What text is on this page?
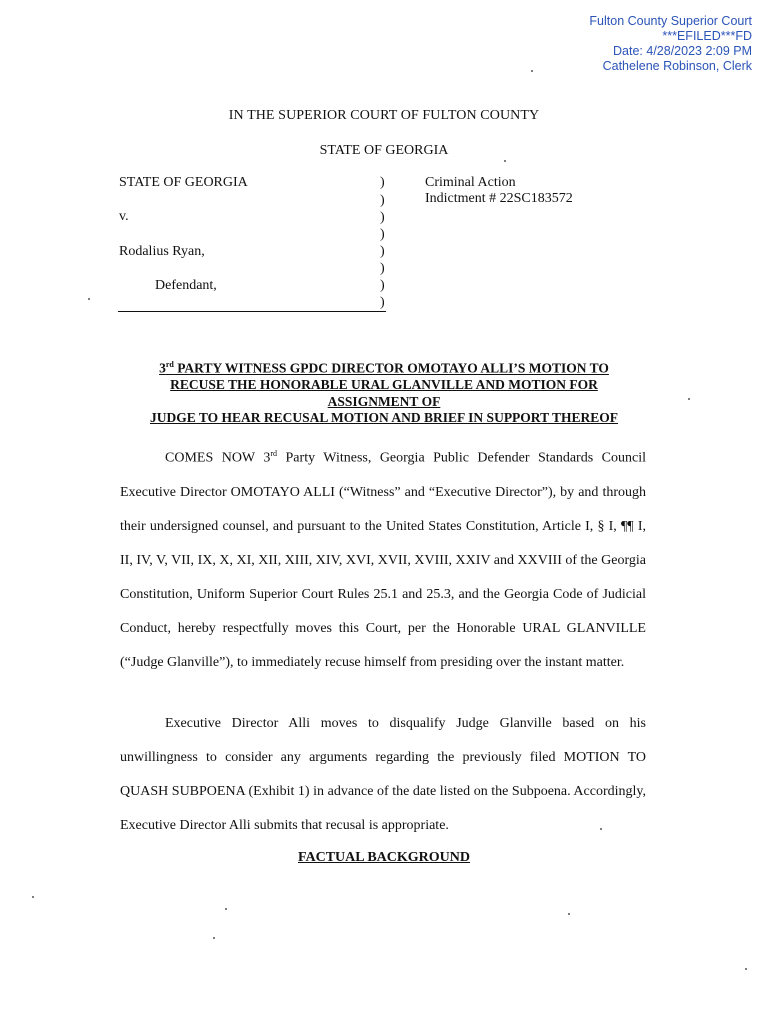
Fulton County Superior Court
***EFILED***FD
Date: 4/28/2023 2:09 PM
Cathelene Robinson, Clerk
IN THE SUPERIOR COURT OF FULTON COUNTY
STATE OF GEORGIA
STATE OF GEORGIA
v.
Rodalius Ryan,
Defendant,
Criminal Action
Indictment # 22SC183572
)
)
)
)
)
)
)
)
3rd PARTY WITNESS GPDC DIRECTOR OMOTAYO ALLI’S MOTION TO
RECUSE THE HONORABLE URAL GLANVILLE AND MOTION FOR
ASSIGNMENT OF
JUDGE TO HEAR RECUSAL MOTION AND BRIEF IN SUPPORT THEREOF
COMES NOW 3rd Party Witness, Georgia Public Defender Standards Council Executive Director OMOTAYO ALLI (“Witness” and “Executive Director”), by and through their undersigned counsel, and pursuant to the United States Constitution, Article I, § I, ¶¶ I, II, IV, V, VII, IX, X, XI, XII, XIII, XIV, XVI, XVII, XVIII, XXIV and XXVIII of the Georgia Constitution, Uniform Superior Court Rules 25.1 and 25.3, and the Georgia Code of Judicial Conduct, hereby respectfully moves this Court, per the Honorable URAL GLANVILLE (“Judge Glanville”), to immediately recuse himself from presiding over the instant matter.
Executive Director Alli moves to disqualify Judge Glanville based on his unwillingness to consider any arguments regarding the previously filed MOTION TO QUASH SUBPOENA (Exhibit 1) in advance of the date listed on the Subpoena. Accordingly, Executive Director Alli submits that recusal is appropriate.
FACTUAL BACKGROUND
